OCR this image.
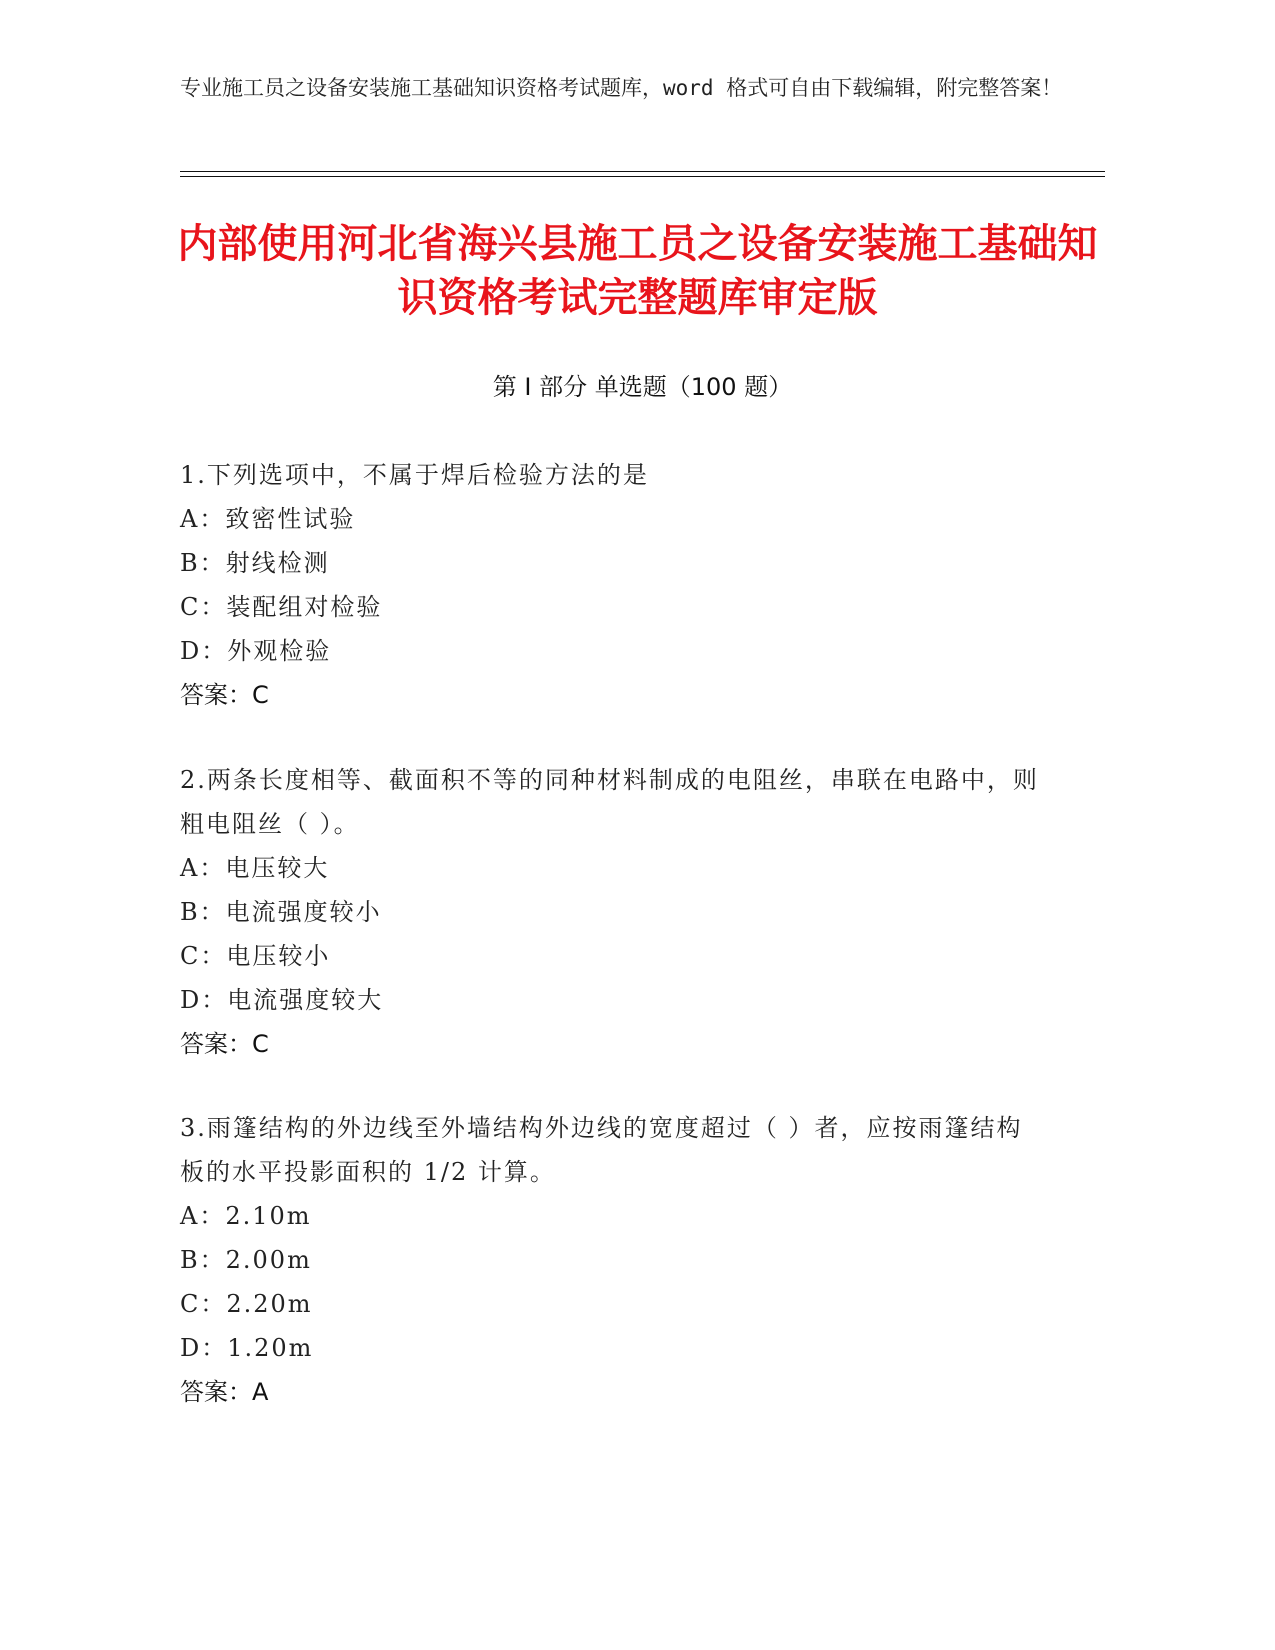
专业施工员之设备安装施工基础知识资格考试题库，word 格式可自由下载编辑，附完整答案！
内部使用河北省海兴县施工员之设备安装施工基础知识资格考试完整题库审定版
第 I 部分 单选题（100 题）
1.下列选项中，不属于焊后检验方法的是
A：致密性试验
B：射线检测
C：装配组对检验
D：外观检验
答案：C
2.两条长度相等、截面积不等的同种材料制成的电阻丝，串联在电路中，则粗电阻丝（ ）。
A：电压较大
B：电流强度较小
C：电压较小
D：电流强度较大
答案：C
3.雨篷结构的外边线至外墙结构外边线的宽度超过（ ）者，应按雨篷结构板的水平投影面积的 1/2 计算。
A：2.10m
B：2.00m
C：2.20m
D：1.20m
答案：A
